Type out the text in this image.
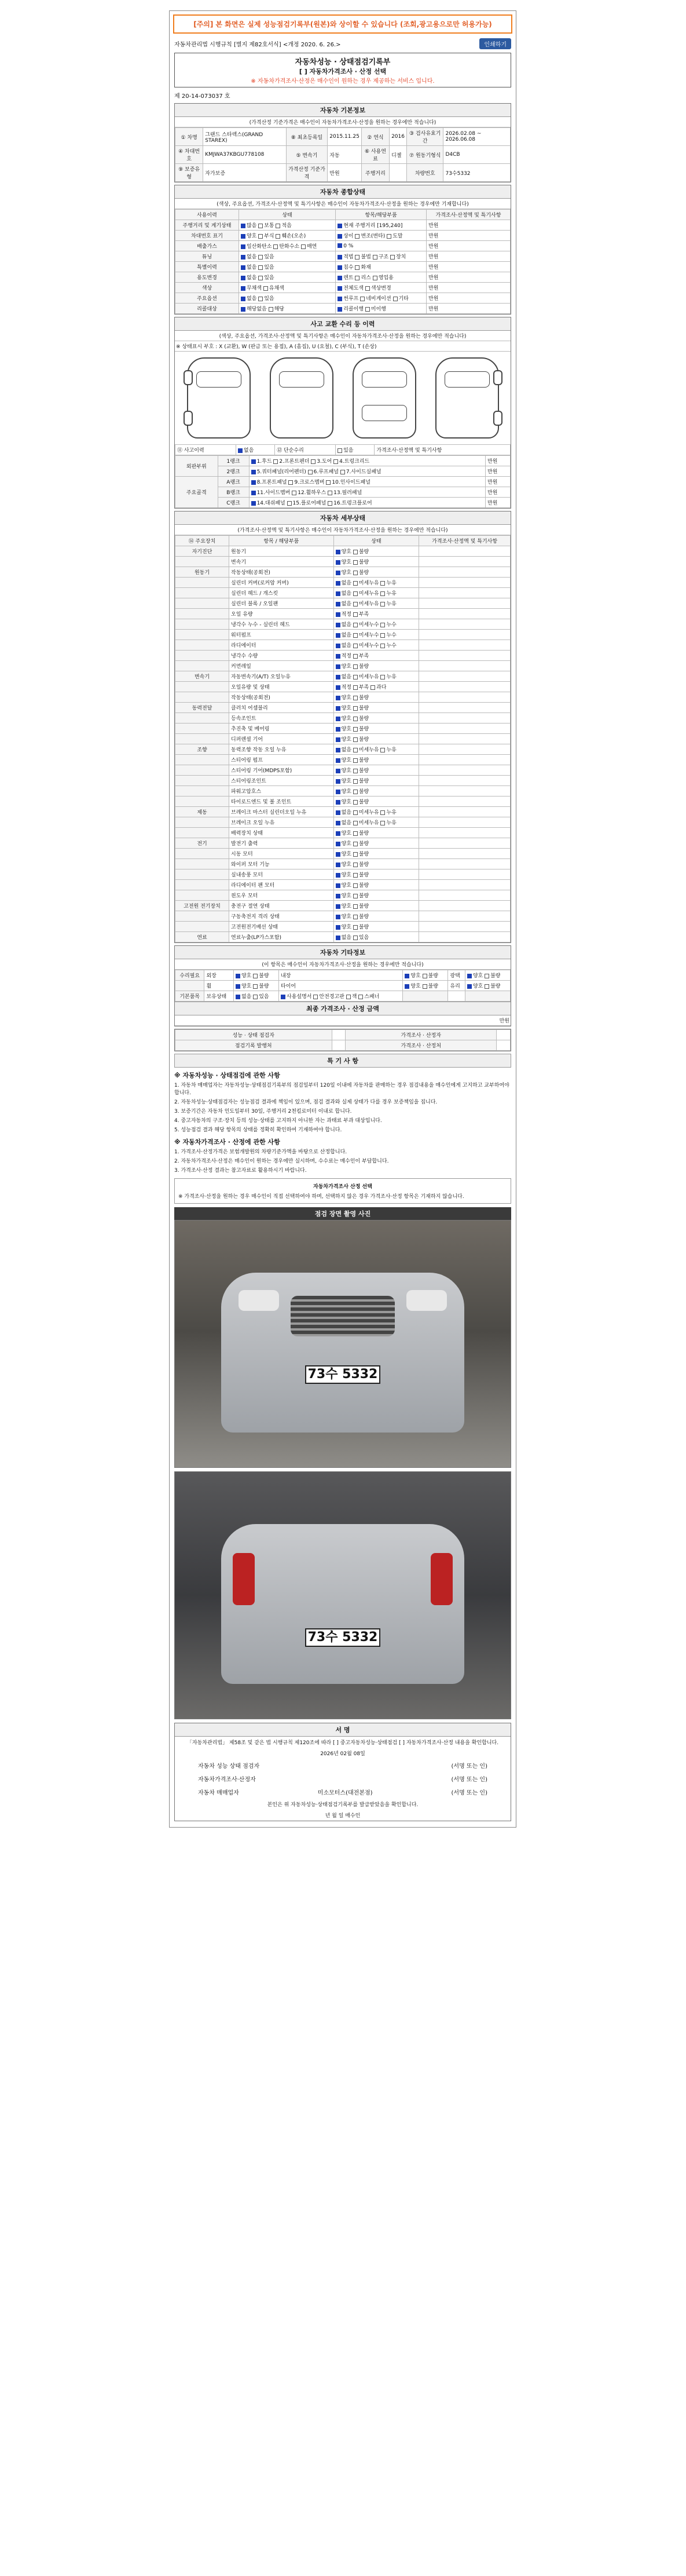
[주의] 본 화면은 실제 성능점검기록부(원본)와 상이할 수 있습니다 (조회,광고용으로만 허용가능)
자동차관리법 시행규칙 [별지 제82호서식] <개정 2020. 6. 26.>	인쇄하기
자동차성능 · 상태점검기록부
[ ] 자동차가격조사 · 산정 선택
※ 자동차가격조사·산정은 매수인이 원하는 경우 제공하는 서비스 입니다.
제 20-14-073037 호
자동차 기본정보
(가격산정 기준가격은 매수인이 자동차가격조사·산정을 원하는 경우에만 적습니다)
① 차명	그랜드 스타렉스(GRAND STAREX)	⑧ 최초등록일	2015.11.25	② 연식	2016	③ 검사유효기간	2026.02.08 ~ 2026.06.08
④ 차대번호	KMJWA37KBGU778108	⑤ 변속기	자동	⑥ 사용연료	디젤	⑦ 원동기형식	D4CB
⑨ 보증유형	자가보증	가격산정 기준가격	만원	주행거리		차량번호	73수5332
자동차 종합상태
(색상, 주요옵션, 가격조사·산정액 및 특기사항은 매수인이 자동차가격조사·산정을 원하는 경우에만 기재합니다)
사용이력	상태	항목/해당부품	가격조사·산정액 및 특기사항
주행거리 및 계기상태	많음 보통 적음	현재 주행거리 [195,240]	만원
차대번호 표기	양호 부식 훼손(오손)	상이 변조(변타) 도말	만원
배출가스	일산화탄소 탄화수소 매연	0 %	만원
튜닝	없음 있음	적법 불법 구조 장치	만원
특별이력	없음 있음	침수 화재	만원
용도변경	없음 있음	렌트 리스 영업용	만원
색상	무채색 유채색	전체도색 색상변경	만원
주요옵션	없음 있음	썬루프 네비게이션 기타	만원
리콜대상	해당없음 해당	리콜이행 미이행	만원
사고 교환 수리 등 이력
(색상, 주요옵션, 가격조사·산정액 및 특기사항은 매수인이 자동차가격조사·산정을 원하는 경우에만 적습니다)
※ 상태표시 부호 : X (교환), W (판금 또는 용접), A (흠집), U (요철), C (부식), T (손상)
⑪ 사고이력	없음	⑫ 단순수리	있음	가격조사·산정액 및 특기사항
외판부위	1랭크	1.후드 2.프론트펜더 3.도어 4.트렁크리드	만원
	2랭크	5.쿼터패널(리어펜더) 6.루프패널 7.사이드실패널	만원
주요골격	A랭크	8.프론트패널 9.크로스멤버 10.인사이드패널	만원
	B랭크	11.사이드멤버 12.휠하우스 13.필러패널	만원
	C랭크	14.대쉬패널 15.플로어패널 16.트렁크플로어	만원
자동차 세부상태
(가격조사·산정액 및 특기사항은 매수인이 자동차가격조사·산정을 원하는 경우에만 적습니다)
⑭ 주요장치	항목 / 해당부품	상태	가격조사·산정액 및 특기사항
자기진단	원동기	양호 불량	
	변속기	양호 불량	
원동기	작동상태(공회전)	양호 불량	
	실린더 커버(로커암 커버)	없음 미세누유 누유	
	실린더 헤드 / 개스킷	없음 미세누유 누유	
	실린더 블록 / 오일팬	없음 미세누유 누유	
	오일 유량	적정 부족	
	냉각수 누수 - 실린더 헤드	없음 미세누수 누수	
	워터펌프	없음 미세누수 누수	
	라디에이터	없음 미세누수 누수	
	냉각수 수량	적정 부족	
	커먼레일	양호 불량	
변속기	자동변속기(A/T) 오일누유	없음 미세누유 누유	
	오일유량 및 상태	적정 부족 과다	
	작동상태(공회전)	양호 불량	
동력전달	클러치 어셈블리	양호 불량	
	등속조인트	양호 불량	
	추진축 및 베어링	양호 불량	
	디퍼렌셜 기어	양호 불량	
조향	동력조향 작동 오일 누유	없음 미세누유 누유	
	스티어링 펌프	양호 불량	
	스티어링 기어(MDPS포함)	양호 불량	
	스티어링조인트	양호 불량	
	파워고압호스	양호 불량	
	타이로드엔드 및 볼 조인트	양호 불량	
제동	브레이크 마스터 실린더오일 누유	없음 미세누유 누유	
	브레이크 오일 누유	없음 미세누유 누유	
	배력장치 상태	양호 불량	
전기	발전기 출력	양호 불량	
	시동 모터	양호 불량	
	와이퍼 모터 기능	양호 불량	
	실내송풍 모터	양호 불량	
	라디에이터 팬 모터	양호 불량	
	윈도우 모터	양호 불량	
고전원 전기장치	충전구 절연 상태	양호 불량	
	구동축전지 격리 상태	양호 불량	
	고전원전기배선 상태	양호 불량	
연료	연료누출(LP가스포함)	없음 있음	
자동차 기타정보
(이 항목은 매수인이 자동차가격조사·산정을 원하는 경우에만 적습니다)
수리필요	외장	양호 불량	내장	양호 불량	광택	양호 불량
	휠	양호 불량	타이어	양호 불량	유리	양호 불량
기본품목	보유상태	없음 있음	사용설명서 안전경고판 잭 스패너			
최종 가격조사 · 산정 금액
만원
성능 · 상태 점검자		가격조사 · 산정자	
점검기록 발행처		가격조사 · 산정처	
특 기 사 항
※ 자동차성능 · 상태점검에 관한 사항

1. 자동차 매매업자는 자동차성능·상태점검기록부의 점검일부터 120일 이내에 자동차를 판매하는 경우 점검내용을 매수인에게 고지하고 교부하여야 합니다.

2. 자동차성능·상태점검자는 성능점검 결과에 책임이 있으며, 점검 결과와 실제 상태가 다를 경우 보증책임을 집니다.

3. 보증기간은 자동차 인도일부터 30일, 주행거리 2천킬로미터 이내로 합니다.

4. 중고자동차의 구조·장치 등의 성능·상태를 고지하지 아니한 자는 과태료 부과 대상입니다.

5. 성능점검 결과 해당 항목의 상태를 정확히 확인하여 기재하여야 합니다.

※ 자동차가격조사 · 산정에 관한 사항

1. 가격조사·산정가격은 보험개발원의 차량기준가액을 바탕으로 산정합니다.

2. 자동차가격조사·산정은 매수인이 원하는 경우에만 실시하며, 수수료는 매수인이 부담합니다.

3. 가격조사·산정 결과는 참고자료로 활용하시기 바랍니다.

자동차가격조사 산정 선택
※ 가격조사·산정을 원하는 경우 매수인이 직접 선택하여야 하며, 선택하지 않은 경우 가격조사·산정 항목은 기재하지 않습니다.
점검 장면 촬영 사진
73수 5332
73수 5332
서 명

「자동차관리법」 제58조 및 같은 법 시행규칙 제120조에 따라 [ ] 중고자동차성능·상태점검 [ ] 자동차가격조사·산정 내용을 확인합니다.

2026년 02월 08일

자동차 성능 상태 점검자	(서명 또는 인)
자동차가격조사·산정자	(서명 또는 인)
자동차 매매업자	미소모터스(대전본점)	(서명 또는 인)

본인은 위 자동차성능·상태점검기록부를 발급받았음을 확인합니다.

년 월 일 매수인
